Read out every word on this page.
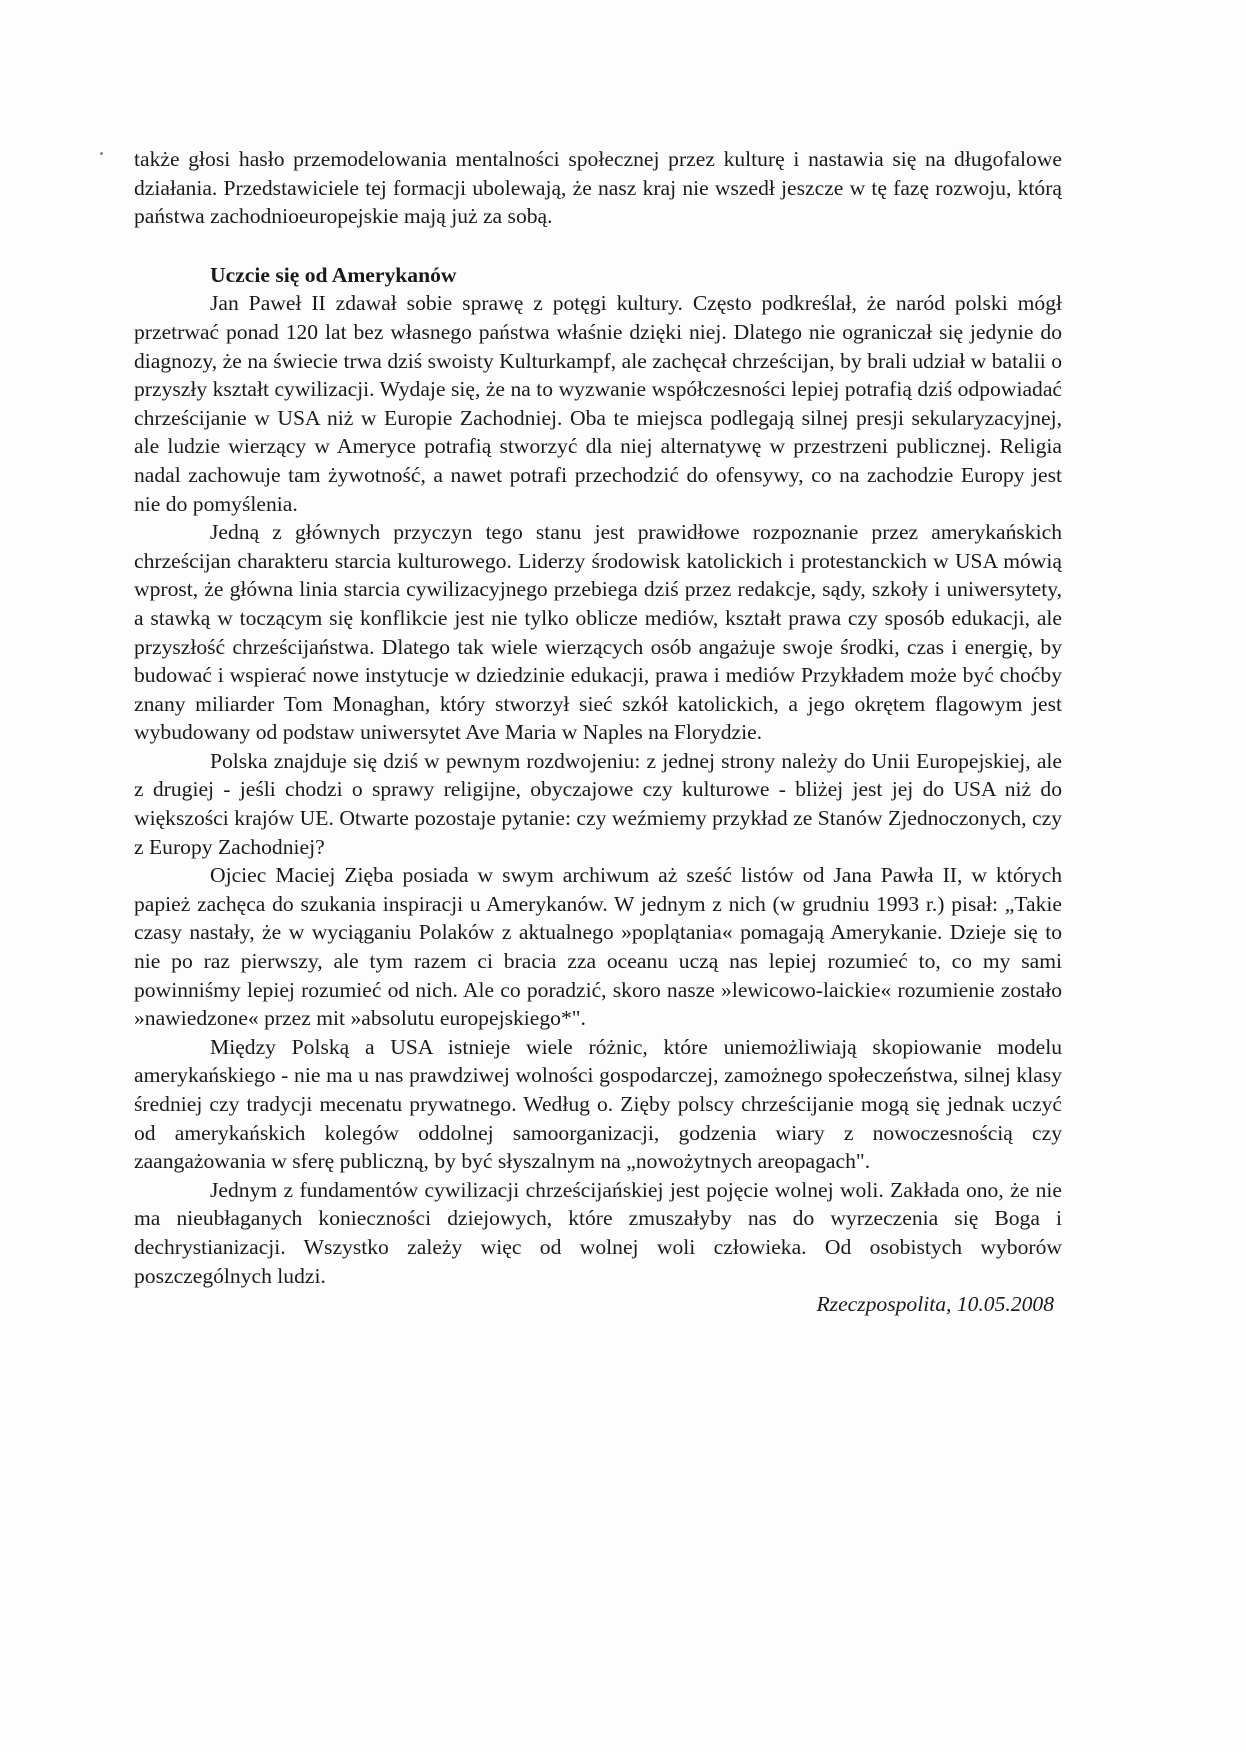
także głosi hasło przemodelowania mentalności społecznej przez kulturę i nastawia się na długofalowe działania. Przedstawiciele tej formacji ubolewają, że nasz kraj nie wszedł jeszcze w tę fazę rozwoju, którą państwa zachodnioeuropejskie mają już za sobą.

Uczcie się od Amerykanów

Jan Paweł II zdawał sobie sprawę z potęgi kultury. Często podkreślał, że naród polski mógł przetrwać ponad 120 lat bez własnego państwa właśnie dzięki niej. Dlatego nie ograniczał się jedynie do diagnozy, że na świecie trwa dziś swoisty Kulturkampf, ale zachęcał chrześcijan, by brali udział w batalii o przyszły kształt cywilizacji. Wydaje się, że na to wyzwanie współczesności lepiej potrafią dziś odpowiadać chrześcijanie w USA niż w Europie Zachodniej. Oba te miejsca podlegają silnej presji sekularyzacyjnej, ale ludzie wierzący w Ameryce potrafią stworzyć dla niej alternatywę w przestrzeni publicznej. Religia nadal zachowuje tam żywotność, a nawet potrafi przechodzić do ofensywy, co na zachodzie Europy jest nie do pomyślenia.

Jedną z głównych przyczyn tego stanu jest prawidłowe rozpoznanie przez amerykańskich chrześcijan charakteru starcia kulturowego. Liderzy środowisk katolickich i protestanckich w USA mówią wprost, że główna linia starcia cywilizacyjnego przebiega dziś przez redakcje, sądy, szkoły i uniwersytety, a stawką w toczącym się konflikcie jest nie tylko oblicze mediów, kształt prawa czy sposób edukacji, ale przyszłość chrześcijaństwa. Dlatego tak wiele wierzących osób angażuje swoje środki, czas i energię, by budować i wspierać nowe instytucje w dziedzinie edukacji, prawa i mediów Przykładem może być choćby znany miliarder Tom Monaghan, który stworzył sieć szkół katolickich, a jego okrętem flagowym jest wybudowany od podstaw uniwersytet Ave Maria w Naples na Florydzie.

Polska znajduje się dziś w pewnym rozdwojeniu: z jednej strony należy do Unii Europejskiej, ale z drugiej - jeśli chodzi o sprawy religijne, obyczajowe czy kulturowe - bliżej jest jej do USA niż do większości krajów UE. Otwarte pozostaje pytanie: czy weźmiemy przykład ze Stanów Zjednoczonych, czy z Europy Zachodniej?

Ojciec Maciej Zięba posiada w swym archiwum aż sześć listów od Jana Pawła II, w których papież zachęca do szukania inspiracji u Amerykanów. W jednym z nich (w grudniu 1993 r.) pisał: „Takie czasy nastały, że w wyciąganiu Polaków z aktualnego »poplątania« pomagają Amerykanie. Dzieje się to nie po raz pierwszy, ale tym razem ci bracia zza oceanu uczą nas lepiej rozumieć to, co my sami powinniśmy lepiej rozumieć od nich. Ale co poradzić, skoro nasze »lewicowo-laickie« rozumienie zostało »nawiedzone« przez mit »absolutu europejskiego*".

Między Polską a USA istnieje wiele różnic, które uniemożliwiają skopiowanie modelu amerykańskiego - nie ma u nas prawdziwej wolności gospodarczej, zamożnego społeczeństwa, silnej klasy średniej czy tradycji mecenatu prywatnego. Według o. Zięby polscy chrześcijanie mogą się jednak uczyć od amerykańskich kolegów oddolnej samoorganizacji, godzenia wiary z nowoczesnością czy zaangażowania w sferę publiczną, by być słyszalnym na „nowożytnych areopagach".

Jednym z fundamentów cywilizacji chrześcijańskiej jest pojęcie wolnej woli. Zakłada ono, że nie ma nieubłaganych konieczności dziejowych, które zmuszałyby nas do wyrzeczenia się Boga i dechrystianizacji. Wszystko zależy więc od wolnej woli człowieka. Od osobistych wyborów poszczególnych ludzi.

Rzeczpospolita, 10.05.2008
